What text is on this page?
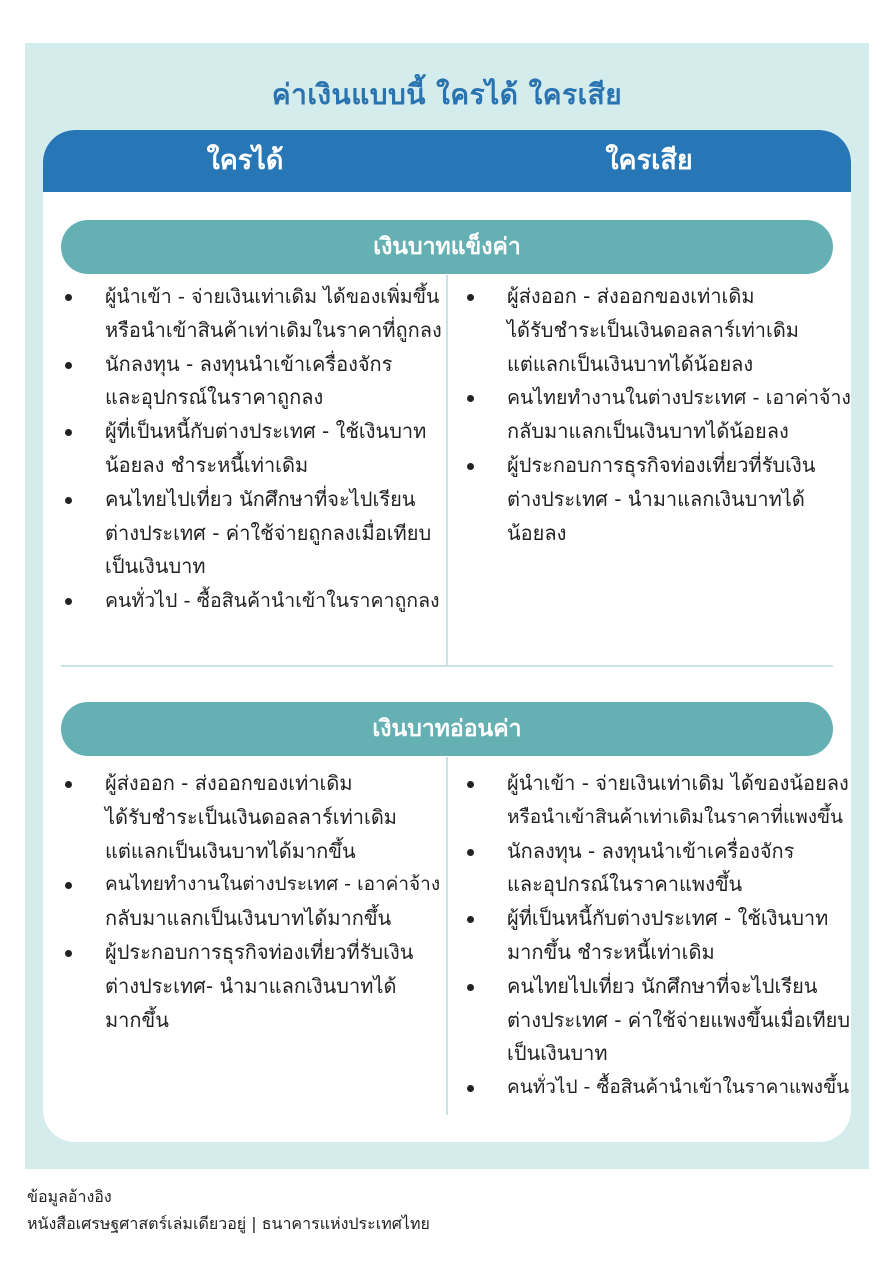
ค่าเงินแบบนี้ ใครได้ ใครเสีย
ใครได้	ใครเสีย
เงินบาทแข็งค่า
ผู้นำเข้า - จ่ายเงินเท่าเดิม ได้ของเพิ่มขึ้น
หรือนำเข้าสินค้าเท่าเดิมในราคาที่ถูกลง
นักลงทุน - ลงทุนนำเข้าเครื่องจักร
และอุปกรณ์ในราคาถูกลง
ผู้ที่เป็นหนี้กับต่างประเทศ - ใช้เงินบาท
น้อยลง ชำระหนี้เท่าเดิม
คนไทยไปเที่ยว นักศึกษาที่จะไปเรียน
ต่างประเทศ - ค่าใช้จ่ายถูกลงเมื่อเทียบ
เป็นเงินบาท
คนทั่วไป - ซื้อสินค้านำเข้าในราคาถูกลง
ผู้ส่งออก - ส่งออกของเท่าเดิม
ได้รับชำระเป็นเงินดอลลาร์เท่าเดิม
แต่แลกเป็นเงินบาทได้น้อยลง
คนไทยทำงานในต่างประเทศ - เอาค่าจ้าง
กลับมาแลกเป็นเงินบาทได้น้อยลง
ผู้ประกอบการธุรกิจท่องเที่ยวที่รับเงิน
ต่างประเทศ - นำมาแลกเงินบาทได้
น้อยลง
เงินบาทอ่อนค่า
ผู้ส่งออก - ส่งออกของเท่าเดิม
ได้รับชำระเป็นเงินดอลลาร์เท่าเดิม
แต่แลกเป็นเงินบาทได้มากขึ้น
คนไทยทำงานในต่างประเทศ - เอาค่าจ้าง
กลับมาแลกเป็นเงินบาทได้มากขึ้น
ผู้ประกอบการธุรกิจท่องเที่ยวที่รับเงิน
ต่างประเทศ- นำมาแลกเงินบาทได้
มากขึ้น
ผู้นำเข้า - จ่ายเงินเท่าเดิม ได้ของน้อยลง
หรือนำเข้าสินค้าเท่าเดิมในราคาที่แพงขึ้น
นักลงทุน - ลงทุนนำเข้าเครื่องจักร
และอุปกรณ์ในราคาแพงขึ้น
ผู้ที่เป็นหนี้กับต่างประเทศ - ใช้เงินบาท
มากขึ้น ชำระหนี้เท่าเดิม
คนไทยไปเที่ยว นักศึกษาที่จะไปเรียน
ต่างประเทศ - ค่าใช้จ่ายแพงขึ้นเมื่อเทียบ
เป็นเงินบาท
คนทั่วไป - ซื้อสินค้านำเข้าในราคาแพงขึ้น
ข้อมูลอ้างอิง
หนังสือเศรษฐศาสตร์เล่มเดียวอยู่ | ธนาคารแห่งประเทศไทย
